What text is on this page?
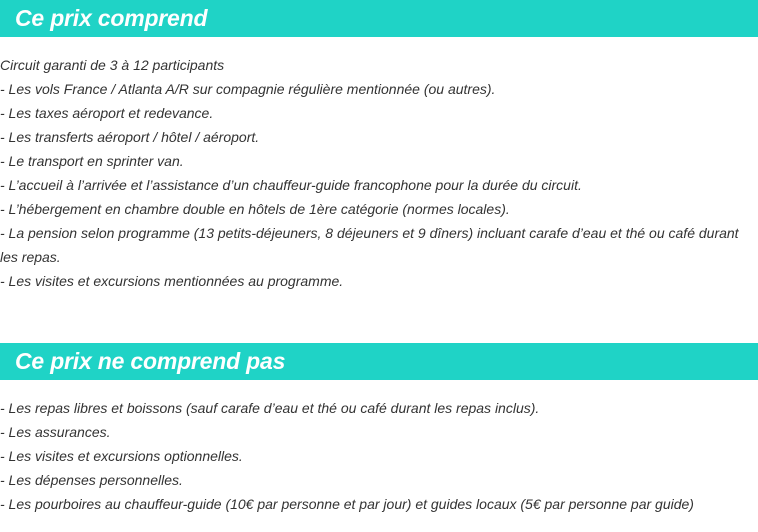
Ce prix comprend
Circuit garanti de 3 à 12 participants
- Les vols France / Atlanta A/R sur compagnie régulière mentionnée (ou autres).
- Les taxes aéroport et redevance.
- Les transferts aéroport / hôtel / aéroport.
- Le transport en sprinter van.
- L’accueil à l’arrivée et l’assistance d’un chauffeur-guide francophone pour la durée du circuit.
- L’hébergement en chambre double en hôtels de 1ère catégorie (normes locales).
- La pension selon programme (13 petits-déjeuners, 8 déjeuners et 9 dîners) incluant carafe d’eau et thé ou café durant les repas.
- Les visites et excursions mentionnées au programme.
Ce prix ne comprend pas
- Les repas libres et boissons (sauf carafe d’eau et thé ou café durant les repas inclus).
- Les assurances.
- Les visites et excursions optionnelles.
- Les dépenses personnelles.
- Les pourboires au chauffeur-guide (10€ par personne et par jour) et guides locaux (5€ par personne par guide)
